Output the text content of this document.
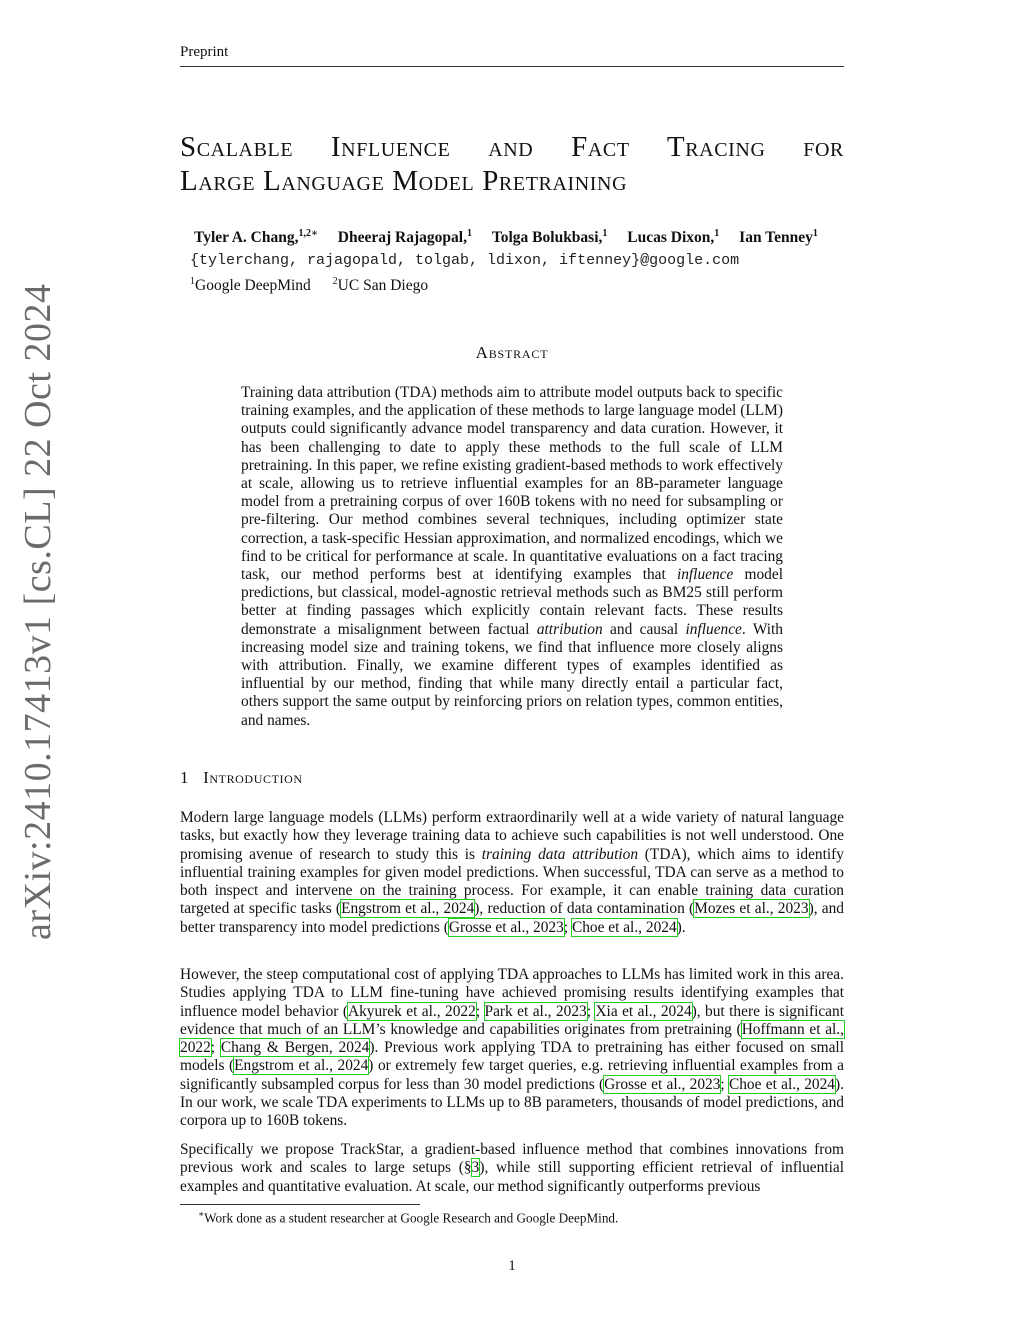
Preprint
arXiv:2410.17413v1 [cs.CL] 22 Oct 2024
Scalable Influence and Fact Tracing for
Large Language Model Pretraining
Tyler A. Chang,$^{1,2∗}$ Dheeraj Rajagopal,$^1$ Tolga Bolukbasi,$^1$ Lucas Dixon,$^1$ Ian Tenney$^1$
{tylerchang, rajagopald, tolgab, ldixon, iftenney}@google.com
$^1$Google DeepMind $^2$UC San Diego
Abstract
Training data attribution (TDA) methods aim to attribute model outputs back to specific training examples, and the application of these methods to large language model (LLM) outputs could significantly advance model transparency and data curation. However, it has been challenging to date to apply these methods to the full scale of LLM pretraining. In this paper, we refine existing gradient-based methods to work effectively at scale, allowing us to retrieve influential examples for an 8B-parameter language model from a pretraining corpus of over 160B tokens with no need for subsampling or pre-filtering. Our method combines several techniques, including optimizer state correction, a task-specific Hessian approximation, and normalized encodings, which we find to be critical for performance at scale. In quantitative evaluations on a fact tracing task, our method performs best at identifying examples that influence model predictions, but classical, model-agnostic retrieval methods such as BM25 still perform better at finding passages which explicitly contain relevant facts. These results demonstrate a misalignment between factual attribution and causal influence. With increasing model size and training tokens, we find that influence more closely aligns with attribution. Finally, we examine different types of examples identified as influential by our method, finding that while many directly entail a particular fact, others support the same output by reinforcing priors on relation types, common entities, and names.
1 Introduction
Modern large language models (LLMs) perform extraordinarily well at a wide variety of natural language tasks, but exactly how they leverage training data to achieve such capabilities is not well understood. One promising avenue of research to study this is training data attribution (TDA), which aims to identify influential training examples for given model predictions. When successful, TDA can serve as a method to both inspect and intervene on the training process. For example, it can enable training data curation targeted at specific tasks (Engstrom et al., 2024), reduction of data contamination (Mozes et al., 2023), and better transparency into model predictions (Grosse et al., 2023; Choe et al., 2024).
However, the steep computational cost of applying TDA approaches to LLMs has limited work in this area. Studies applying TDA to LLM fine-tuning have achieved promising results identifying examples that influence model behavior (Akyurek et al., 2022; Park et al., 2023; Xia et al., 2024), but there is significant evidence that much of an LLM’s knowledge and capabilities originates from pretraining (Hoffmann et al., 2022; Chang & Bergen, 2024). Previous work applying TDA to pretraining has either focused on small models (Engstrom et al., 2024) or extremely few target queries, e.g. retrieving influential examples from a significantly subsampled corpus for less than 30 model predictions (Grosse et al., 2023; Choe et al., 2024). In our work, we scale TDA experiments to LLMs up to 8B parameters, thousands of model predictions, and corpora up to 160B tokens.
Specifically we propose TrackStar, a gradient-based influence method that combines innovations from previous work and scales to large setups (§3), while still supporting efficient retrieval of influential examples and quantitative evaluation. At scale, our method significantly outperforms previous
∗Work done as a student researcher at Google Research and Google DeepMind.
1
